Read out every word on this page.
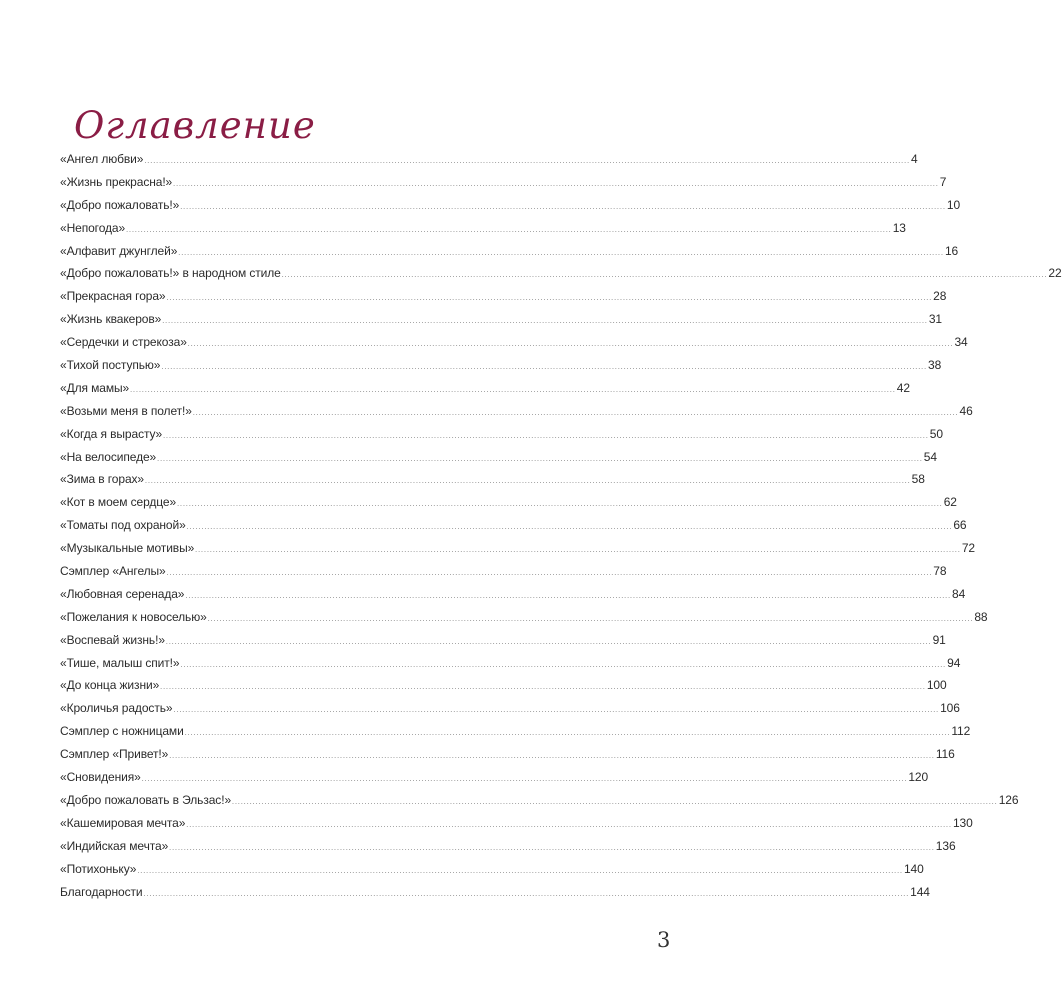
Оглавление
«Ангел любви» .................................................................................................................................................................................................................................................................... 4
«Жизнь прекрасна!» .................................................................................................................................................................................................................................................................... 7
«Добро пожаловать!» .................................................................................................................................................................................................................................................................... 10
«Непогода» .................................................................................................................................................................................................................................................................... 13
«Алфавит джунглей» .................................................................................................................................................................................................................................................................... 16
«Добро пожаловать!» в народном стиле .................................................................................................................................................................................................................................................................... 22
«Прекрасная гора» .................................................................................................................................................................................................................................................................... 28
«Жизнь квакеров» .................................................................................................................................................................................................................................................................... 31
«Сердечки и стрекоза» .................................................................................................................................................................................................................................................................... 34
«Тихой поступью» .................................................................................................................................................................................................................................................................... 38
«Для мамы» .................................................................................................................................................................................................................................................................... 42
«Возьми меня в полет!» .................................................................................................................................................................................................................................................................... 46
«Когда я вырасту» .................................................................................................................................................................................................................................................................... 50
«На велосипеде» .................................................................................................................................................................................................................................................................... 54
«Зима в горах» .................................................................................................................................................................................................................................................................... 58
«Кот в моем сердце» .................................................................................................................................................................................................................................................................... 62
«Томаты под охраной» .................................................................................................................................................................................................................................................................... 66
«Музыкальные мотивы» .................................................................................................................................................................................................................................................................... 72
Сэмплер «Ангелы» .................................................................................................................................................................................................................................................................... 78
«Любовная серенада» .................................................................................................................................................................................................................................................................... 84
«Пожелания к новоселью» .................................................................................................................................................................................................................................................................... 88
«Воспевай жизнь!» .................................................................................................................................................................................................................................................................... 91
«Тише, малыш спит!» .................................................................................................................................................................................................................................................................... 94
«До конца жизни» .................................................................................................................................................................................................................................................................... 100
«Кроличья радость» .................................................................................................................................................................................................................................................................... 106
Сэмплер с ножницами .................................................................................................................................................................................................................................................................... 112
Сэмплер «Привет!» .................................................................................................................................................................................................................................................................... 116
«Сновидения» .................................................................................................................................................................................................................................................................... 120
«Добро пожаловать в Эльзас!» .................................................................................................................................................................................................................................................................... 126
«Кашемировая мечта» .................................................................................................................................................................................................................................................................... 130
«Индийская мечта» .................................................................................................................................................................................................................................................................... 136
«Потихоньку» .................................................................................................................................................................................................................................................................... 140
Благодарности .................................................................................................................................................................................................................................................................... 144

3
